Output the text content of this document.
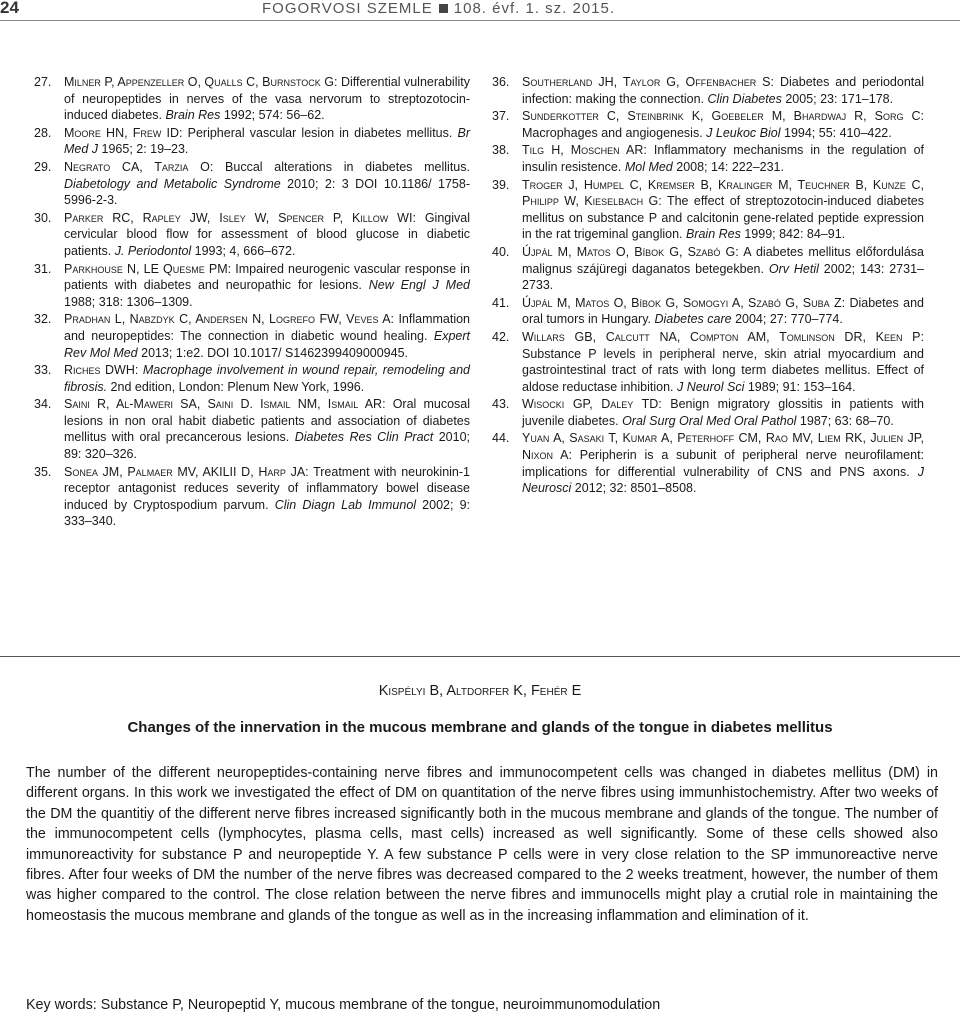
24	FOGORVOSI SZEMLE 108. évf. 1. sz. 2015.
27. Milner P, Appenzeller O, Qualls C, Burnstock G: Differential vulnerability of neuropeptides in nerves of the vasa nervorum to streptozotocin-induced diabetes. Brain Res 1992; 574: 56–62.
28. Moore HN, Frew ID: Peripheral vascular lesion in diabetes mellitus. Br Med J 1965; 2: 19–23.
29. Negrato CA, Tarzia O: Buccal alterations in diabetes mellitus. Diabetology and Metabolic Syndrome 2010; 2: 3 DOI 10.1186/ 1758-5996-2-3.
30. Parker RC, Rapley JW, Isley W, Spencer P, Killow WI: Gingival cervicular blood flow for assessment of blood glucose in diabetic patients. J. Periodontol 1993; 4, 666–672.
31. Parkhouse N, LE Quesme PM: Impaired neurogenic vascular response in patients with diabetes and neuropathic for lesions. New Engl J Med 1988; 318: 1306–1309.
32. Pradhan L, Nabzdyk C, Andersen N, Logrefo FW, Veves A: Inflammation and neuropeptides: The connection in diabetic wound healing. Expert Rev Mol Med 2013; 1:e2. DOI 10.1017/ S1462399409000945.
33. Riches DWH: Macrophage involvement in wound repair, remodeling and fibrosis. 2nd edition, London: Plenum New York, 1996.
34. Saini R, Al-Maweri SA, Saini D. Ismail NM, Ismail AR: Oral mucosal lesions in non oral habit diabetic patients and association of diabetes mellitus with oral precancerous lesions. Diabetes Res Clin Pract 2010; 89: 320–326.
35. Sonea JM, Palmaer MV, AKILII D, Harp JA: Treatment with neurokinin-1 receptor antagonist reduces severity of inflammatory bowel disease induced by Cryptospodium parvum. Clin Diagn Lab Immunol 2002; 9: 333–340.
36. Southerland JH, Taylor G, Offenbacher S: Diabetes and periodontal infection: making the connection. Clin Diabetes 2005; 23: 171–178.
37. Sunderkotter C, Steinbrink K, Goebeler M, Bhardwaj R, Sorg C: Macrophages and angiogenesis. J Leukoc Biol 1994; 55: 410–422.
38. Tilg H, Moschen AR: Inflammatory mechanisms in the regulation of insulin resistence. Mol Med 2008; 14: 222–231.
39. Troger J, Humpel C, Kremser B, Kralinger M, Teuchner B, Kunze C, Philipp W, Kieselbach G: The effect of streptozotocin-induced diabetes mellitus on substance P and calcitonin gene-related peptide expression in the rat trigeminal ganglion. Brain Res 1999; 842: 84–91.
40. Újpál M, Matos O, Bíbok G, Szabó G: A diabetes mellitus előfordulása malignus szájüregi daganatos betegekben. Orv Hetil 2002; 143: 2731–2733.
41. Újpál M, Matos O, Bíbok G, Somogyi A, Szabó G, Suba Z: Diabetes and oral tumors in Hungary. Diabetes care 2004; 27: 770–774.
42. Willars GB, Calcutt NA, Compton AM, Tomlinson DR, Keen P: Substance P levels in peripheral nerve, skin atrial myocardium and gastrointestinal tract of rats with long term diabetes mellitus. Effect of aldose reductase inhibition. J Neurol Sci 1989; 91: 153–164.
43. Wisocki GP, Daley TD: Benign migratory glossitis in patients with juvenile diabetes. Oral Surg Oral Med Oral Pathol 1987; 63: 68–70.
44. Yuan A, Sasaki T, Kumar A, Peterhoff CM, Rao MV, Liem RK, Julien JP, Nixon A: Peripherin is a subunit of peripheral nerve neurofilament: implications for differential vulnerability of CNS and PNS axons. J Neurosci 2012; 32: 8501–8508.
Kispélyi B, Altdorfer K, Fehér E
Changes of the innervation in the mucous membrane and glands of the tongue in diabetes mellitus
The number of the different neuropeptides-containing nerve fibres and immunocompetent cells was changed in diabetes mellitus (DM) in different organs. In this work we investigated the effect of DM on quantitation of the nerve fibres using immunhistochemistry. After two weeks of the DM the quantitiy of the different nerve fibres increased significantly both in the mucous membrane and glands of the tongue. The number of the immunocompetent cells (lymphocytes, plasma cells, mast cells) increased as well significantly. Some of these cells showed also immunoreactivity for substance P and neuropeptide Y. A few substance P cells were in very close relation to the SP immunoreactive nerve fibres. After four weeks of DM the number of the nerve fibres was decreased compared to the 2 weeks treatment, however, the number of them was higher compared to the control. The close relation between the nerve fibres and immunocells might play a crutial role in maintaining the homeostasis the mucous membrane and glands of the tongue as well as in the increasing inflammation and elimination of it.
Key words: Substance P, Neuropeptid Y, mucous membrane of the tongue, neuroimmunomodulation
